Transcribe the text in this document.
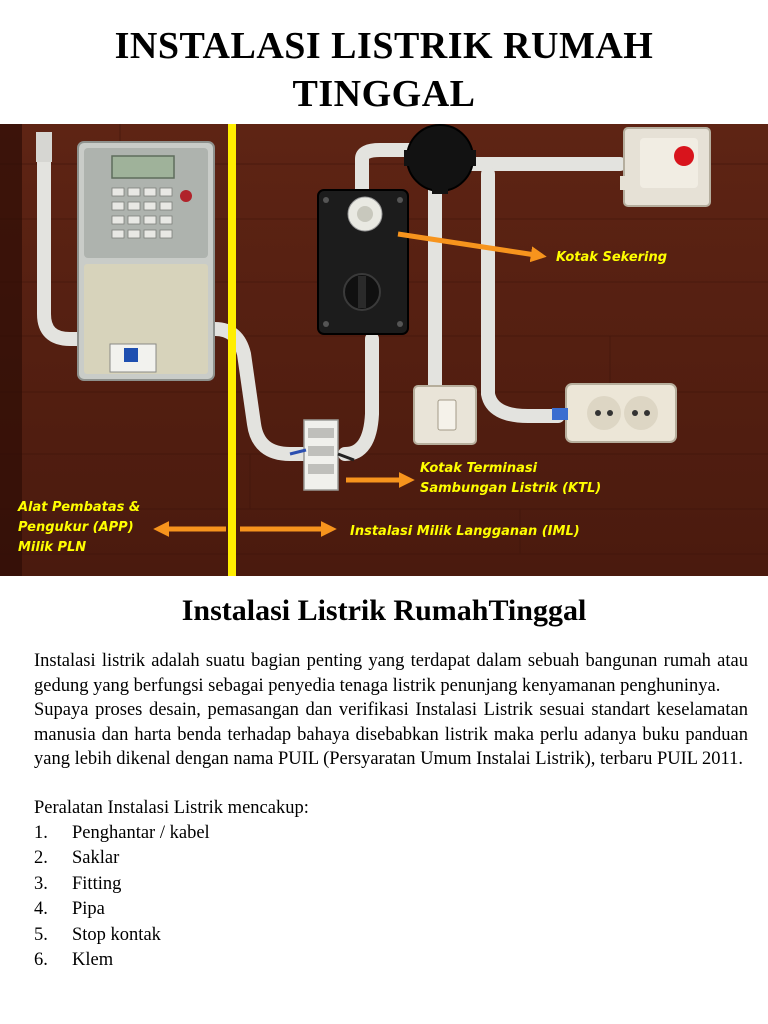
INSTALASI LISTRIK RUMAH
TINGGAL
Kotak Sekering
Kotak Terminasi
Sambungan Listrik (KTL)
Alat Pembatas &
Pengukur (APP)
Milik PLN
Instalasi Milik Langganan (IML)
Instalasi Listrik RumahTinggal

Instalasi listrik adalah suatu bagian penting yang terdapat dalam sebuah bangunan rumah atau gedung yang berfungsi sebagai penyedia tenaga listrik penunjang kenyamanan penghuninya.

Supaya proses desain, pemasangan dan verifikasi Instalasi Listrik sesuai standart keselamatan manusia dan harta benda terhadap bahaya disebabkan listrik maka perlu adanya buku panduan yang lebih dikenal dengan nama PUIL (Persyaratan Umum Instalai Listrik), terbaru PUIL 2011.

Peralatan Instalasi Listrik mencakup:

1.	Penghantar / kabel
2.	Saklar
3.	Fitting
4.	Pipa
5.	Stop kontak
6.	Klem
